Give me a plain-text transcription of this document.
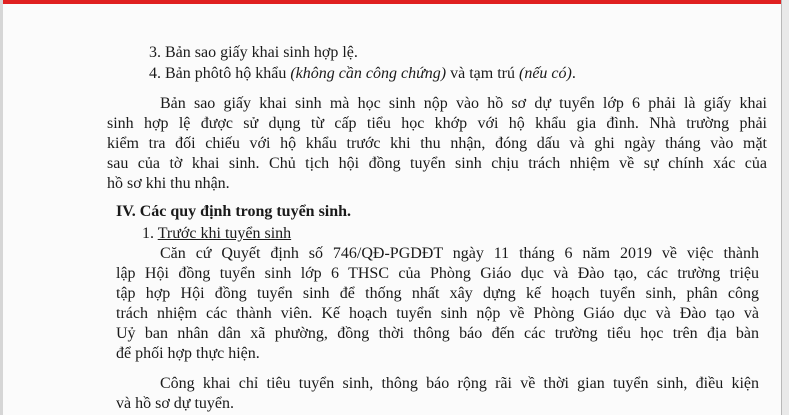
3. Bản sao giấy khai sinh hợp lệ.
4. Bản phôtô hộ khẩu (không cần công chứng) và tạm trú (nếu có).
Bản sao giấy khai sinh mà học sinh nộp vào hồ sơ dự tuyển lớp 6 phải là giấy khai
sinh hợp lệ được sử dụng từ cấp tiểu học khớp với hộ khẩu gia đình. Nhà trường phải
kiểm tra đối chiếu với hộ khẩu trước khi thu nhận, đóng dấu và ghi ngày tháng vào mặt
sau của tờ khai sinh. Chủ tịch hội đồng tuyển sinh chịu trách nhiệm về sự chính xác của
hồ sơ khi thu nhận.
IV. Các quy định trong tuyển sinh.
1. Trước khi tuyển sinh
Căn cứ Quyết định số 746/QĐ-PGDĐT ngày 11 tháng 6 năm 2019 về việc thành
lập Hội đồng tuyển sinh lớp 6 THSC của Phòng Giáo dục và Đào tạo, các trường triệu
tập hợp Hội đồng tuyển sinh để thống nhất xây dựng kế hoạch tuyển sinh, phân công
trách nhiệm các thành viên. Kế hoạch tuyển sinh nộp về Phòng Giáo dục và Đào tạo và
Uỷ ban nhân dân xã phường, đồng thời thông báo đến các trường tiểu học trên địa bàn
để phối hợp thực hiện.
Công khai chỉ tiêu tuyển sinh, thông báo rộng rãi về thời gian tuyển sinh, điều kiện
và hồ sơ dự tuyển.
